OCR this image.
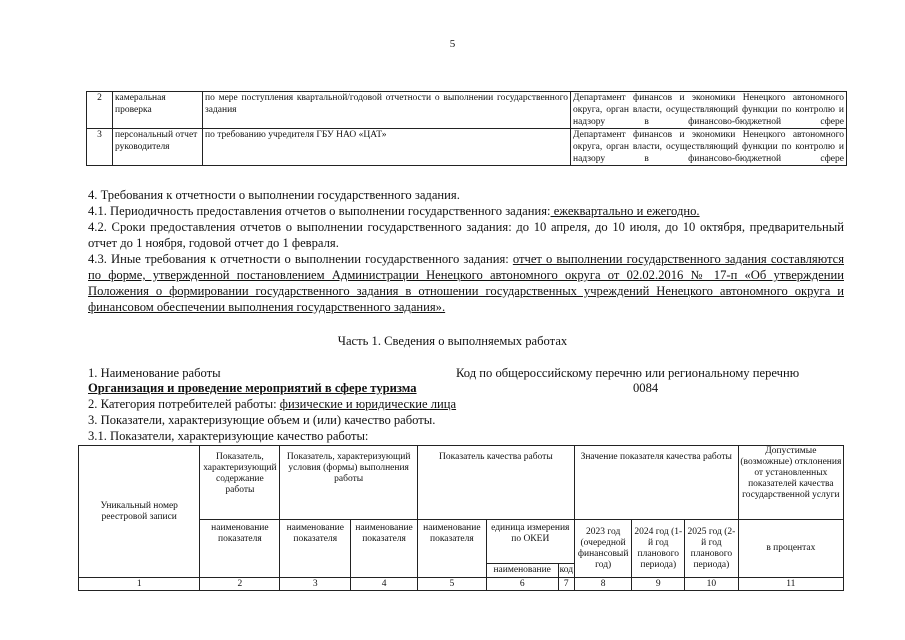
5
2	камеральная проверка	по мере поступления квартальной/годовой отчетности о выполнении государственного задания	Департамент финансов и экономики Ненецкого автономного округа, орган власти, осуществляющий функции по контролю и надзору в финансово-бюджетной сфере
3	персональный отчет руководителя	по требованию учредителя ГБУ НАО «ЦАТ»	Департамент финансов и экономики Ненецкого автономного округа, орган власти, осуществляющий функции по контролю и надзору в финансово-бюджетной сфере
4. Требования к отчетности о выполнении государственного задания.
4.1. Периодичность предоставления отчетов о выполнении государственного задания: ежеквартально и ежегодно.
4.2. Сроки предоставления отчетов о выполнении государственного задания: до 10 апреля, до 10 июля, до 10 октября, предварительный отчет до 1 ноября, годовой отчет до 1 февраля.
4.3. Иные требования к отчетности о выполнении государственного задания: отчет о выполнении государственного задания составляются по форме, утвержденной постановлением Администрации Ненецкого автономного округа от 02.02.2016 № 17-п «Об утверждении Положения о формировании государственного задания в отношении государственных учреждений Ненецкого автономного округа и финансовом обеспечении выполнения государственного задания».
Часть 1. Сведения о выполняемых работах
1. Наименование работы	Код по общероссийскому перечню или региональному перечню
Организация и проведение мероприятий в сфере туризма	0084
2. Категория потребителей работы: физические и юридические лица
3. Показатели, характеризующие объем и (или) качество работы.
3.1. Показатели, характеризующие качество работы:
Уникальный номер реестровой записи	Показатель, характеризующий содержание работы	Показатель, характеризующий условия (формы) выполнения работы		Показатель качества работы			Значение показателя качества работы			Допустимые (возможные) отклонения от установленных показателей качества государственной услуги
	наименование показателя	наименование показателя	наименование показателя	наименование показателя	единица измерения по ОКЕИ		2023 год (очередной финансовый год)	2024 год (1-й год планового периода)	2025 год (2-й год планового периода)	в процентах
					наименование	код				
1	2	3	4	5	6	7	8	9	10	11
